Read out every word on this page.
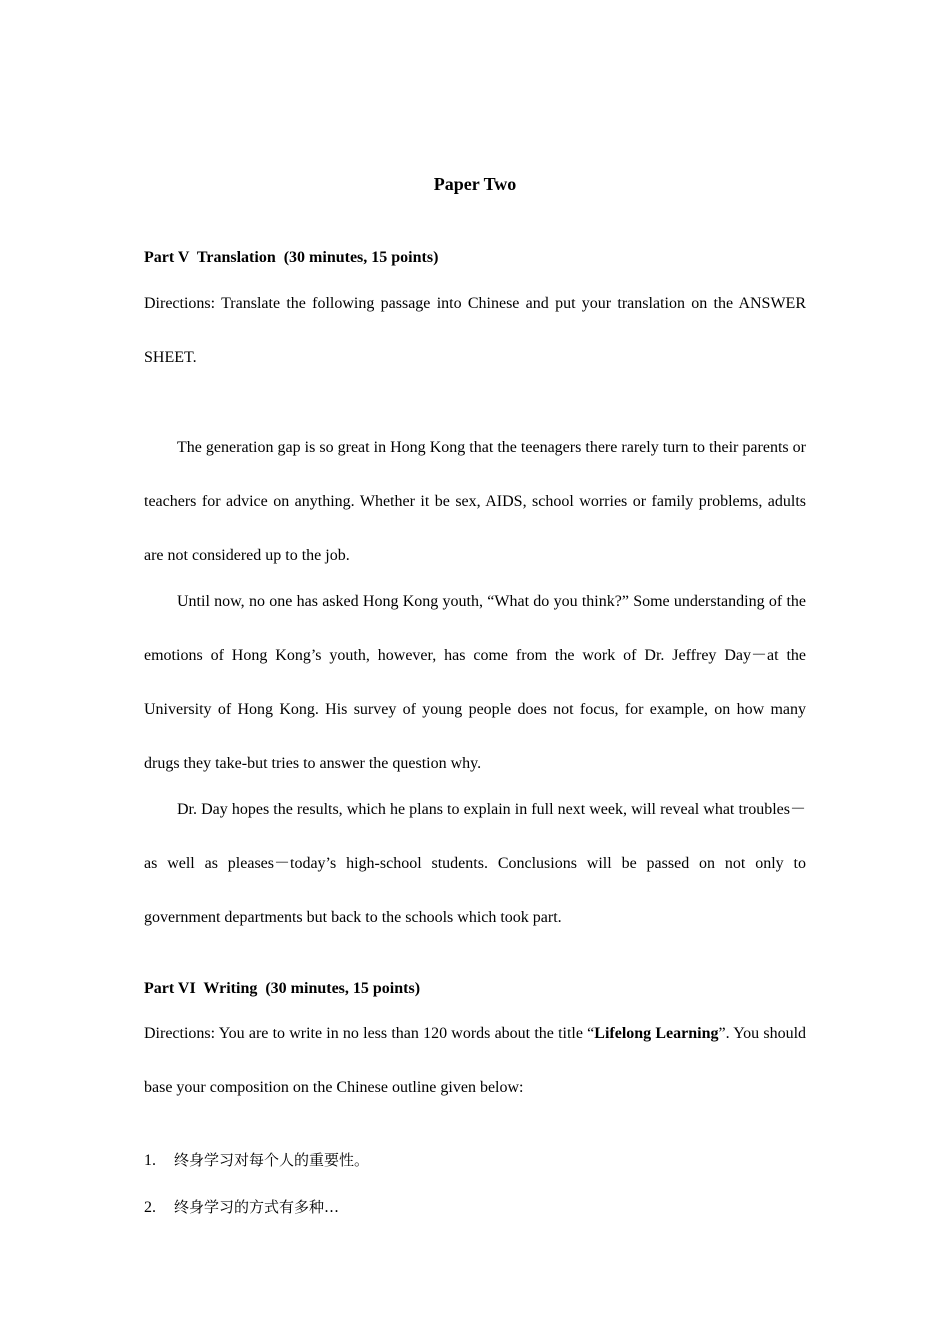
Paper Two
Part V  Translation  (30 minutes, 15 points)

Directions: Translate the following passage into Chinese and put your translation on the ANSWER SHEET.

The generation gap is so great in Hong Kong that the teenagers there rarely turn to their parents or teachers for advice on anything. Whether it be sex, AIDS, school worries or family problems, adults are not considered up to the job.

Until now, no one has asked Hong Kong youth, “What do you think?” Some understanding of the emotions of Hong Kong’s youth, however, has come from the work of Dr. Jeffrey Day－at the University of Hong Kong. His survey of young people does not focus, for example, on how many drugs they take-but tries to answer the question why.

Dr. Day hopes the results, which he plans to explain in full next week, will reveal what troubles－as well as pleases－today’s high-school students. Conclusions will be passed on not only to government departments but back to the schools which took part.

Part VI  Writing  (30 minutes, 15 points)

Directions: You are to write in no less than 120 words about the title “Lifelong Learning”. You should base your composition on the Chinese outline given below:

1. 终身学习对每个人的重要性。
2. 终身学习的方式有多种…
